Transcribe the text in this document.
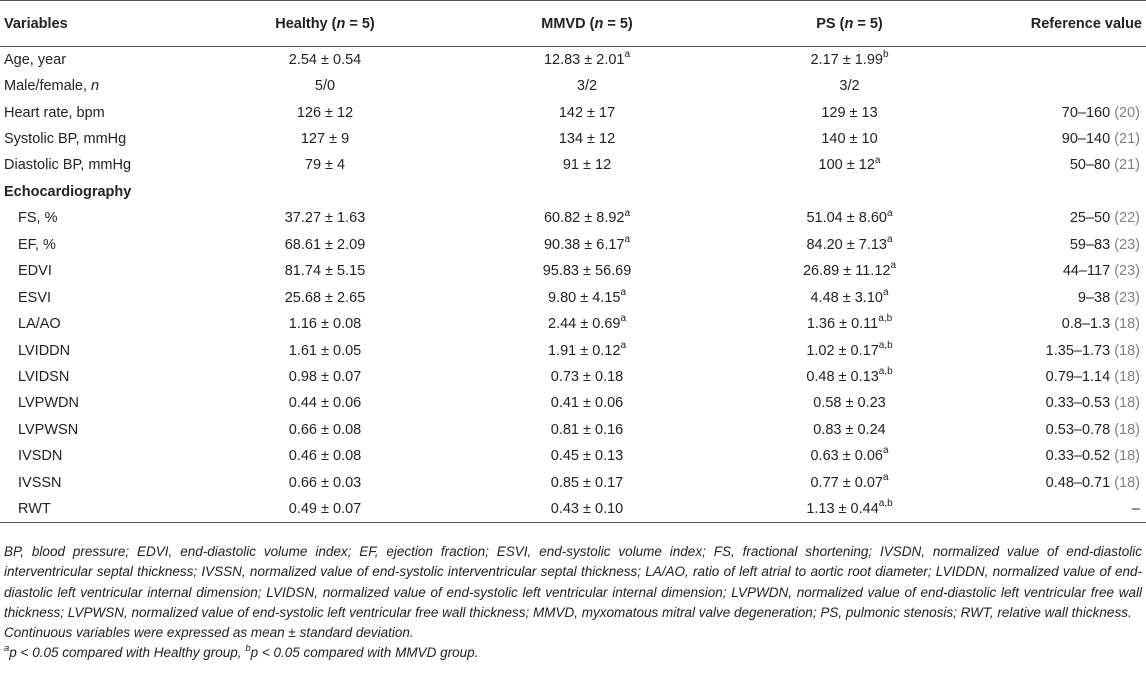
Variables	Healthy (n = 5)	MMVD (n = 5)	PS (n = 5)	Reference value
Age, year	2.54 ± 0.54	12.83 ± 2.01$^a$	2.17 ± 1.99$^b$	
Male/female, n	5/0	3/2	3/2	
Heart rate, bpm	126 ± 12	142 ± 17	129 ± 13	70–160 (20)
Systolic BP, mmHg	127 ± 9	134 ± 12	140 ± 10	90–140 (21)
Diastolic BP, mmHg	79 ± 4	91 ± 12	$100 \pm 12^a$	50–80 (21)
Echocardiography				
FS, %	37.27 ± 1.63	60.82 ± 8.92$^a$	51.04 ± 8.60$^a$	25–50 (22)
EF, %	68.61 ± 2.09	90.38 ± 6.17$^a$	84.20 ± 7.13$^a$	59–83 (23)
EDVI	81.74 ± 5.15	95.83 ± 56.69	26.89 ± 11.12$^a$	44–117 (23)
ESVI	25.68 ± 2.65	9.80 ± 4.15$^a$	4.48 ± 3.10$^a$	9–38 (23)
LA/AO	1.16 ± 0.08	2.44 ± 0.69$^a$	$1.36 \pm 0.11^{a,b}$	0.8–1.3 (18)
LVIDDN	1.61 ± 0.05	1.91 ± 0.12$^a$	$1.02 \pm 0.17^{a,b}$	1.35–1.73 (18)
LVIDSN	0.98 ± 0.07	0.73 ± 0.18	$0.48 \pm 0.13^{a,b}$	0.79–1.14 (18)
LVPWDN	0.44 ± 0.06	0.41 ± 0.06	0.58 ± 0.23	0.33–0.53 (18)
LVPWSN	0.66 ± 0.08	0.81 ± 0.16	0.83 ± 0.24	0.53–0.78 (18)
IVSDN	0.46 ± 0.08	0.45 ± 0.13	0.63 ± 0.06$^a$	0.33–0.52 (18)
IVSSN	0.66 ± 0.03	0.85 ± 0.17	0.77 ± 0.07$^a$	0.48–0.71 (18)
RWT	0.49 ± 0.07	0.43 ± 0.10	$1.13 \pm 0.44^{a,b}$	–

BP, blood pressure; EDVI, end-diastolic volume index; EF, ejection fraction; ESVI, end-systolic volume index; FS, fractional shortening; IVSDN, normalized value of end-diastolic interventricular septal thickness; IVSSN, normalized value of end-systolic interventricular septal thickness; LA/AO, ratio of left atrial to aortic root diameter; LVIDDN, normalized value of end-diastolic left ventricular internal dimension; LVIDSN, normalized value of end-systolic left ventricular internal dimension; LVPWDN, normalized value of end-diastolic left ventricular free wall thickness; LVPWSN, normalized value of end-systolic left ventricular free wall thickness; MMVD, myxomatous mitral valve degeneration; PS, pulmonic stenosis; RWT, relative wall thickness.

Continuous variables were expressed as mean ± standard deviation.

$^a$p < 0.05 compared with Healthy group, $^b$p < 0.05 compared with MMVD group.
